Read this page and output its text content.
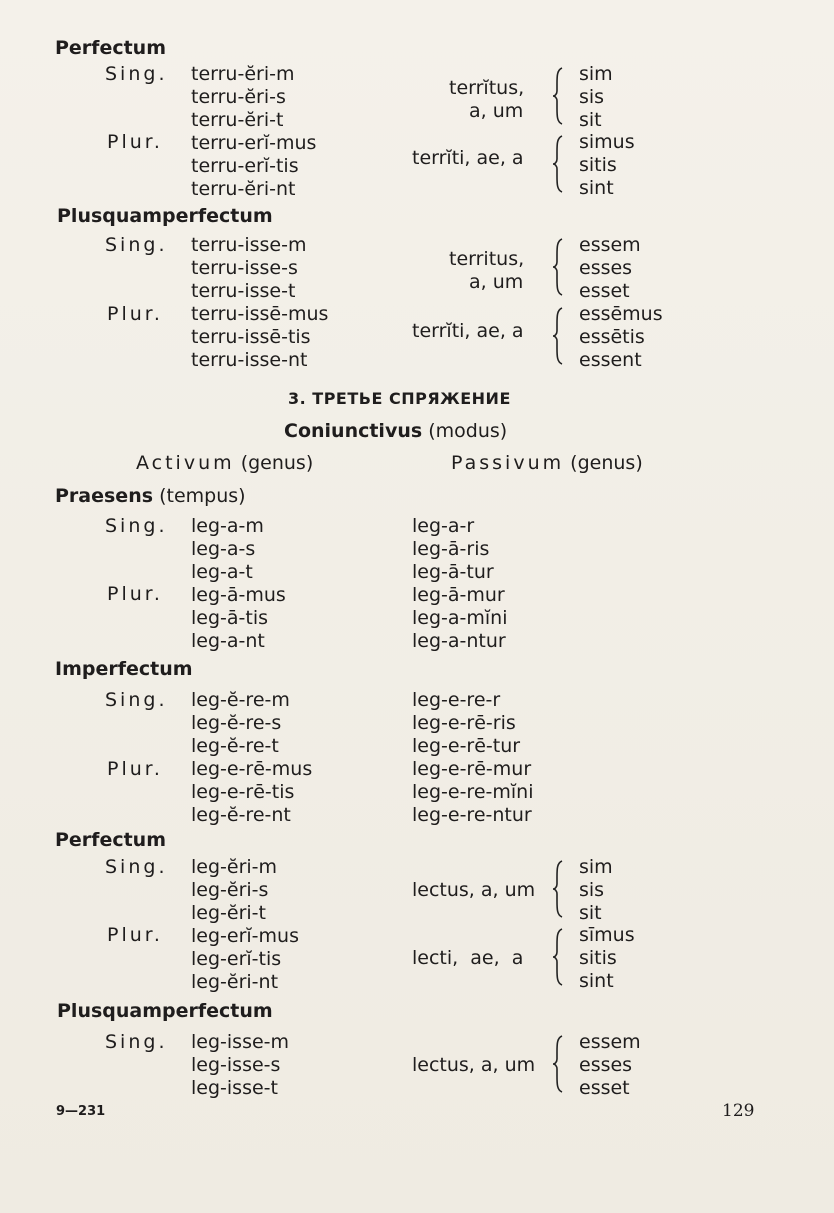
Perfectum
Sing.
Plur.
terru-ĕri-m
terru-ĕri-s
terru-ĕri-t
terru-erĭ-mus
terru-erĭ-tis
terru-ĕri-nt
terrĭtus,
a, um
terrĭti, ae, a
sim
sis
sit
simus
sitis
sint
Plusquamperfectum
Sing.
Plur.
terru-isse-m
terru-isse-s
terru-isse-t
terru-issē-mus
terru-issē-tis
terru-isse-nt
territus,
a, um
terrĭti, ae, a
essem
esses
esset
essēmus
essētis
essent
3. ТРЕТЬЕ СПРЯЖЕНИЕ
Coniunctivus (modus)
Activum (genus)	Passivum (genus)
Praesens (tempus)
Sing.
Plur.
leg-a-m
leg-a-s
leg-a-t
leg-ā-mus
leg-ā-tis
leg-a-nt
leg-a-r
leg-ā-ris
leg-ā-tur
leg-ā-mur
leg-a-mĭni
leg-a-ntur
Imperfectum
Sing.
Plur.
leg-ĕ-re-m
leg-ĕ-re-s
leg-ĕ-re-t
leg-e-rē-mus
leg-e-rē-tis
leg-ĕ-re-nt
leg-e-re-r
leg-e-rē-ris
leg-e-rē-tur
leg-e-rē-mur
leg-e-re-mĭni
leg-e-re-ntur
Perfectum
Sing.
Plur.
leg-ĕri-m
leg-ĕri-s
leg-ĕri-t
leg-erĭ-mus
leg-erĭ-tis
leg-ĕri-nt
lectus, a, um
lecti,  ae,  a
sim
sis
sit
sīmus
sitis
sint
Plusquamperfectum
Sing. leg-isse-m
leg-isse-s
leg-isse-t
lectus, a, um
essem
esses
esset
9—231	129
